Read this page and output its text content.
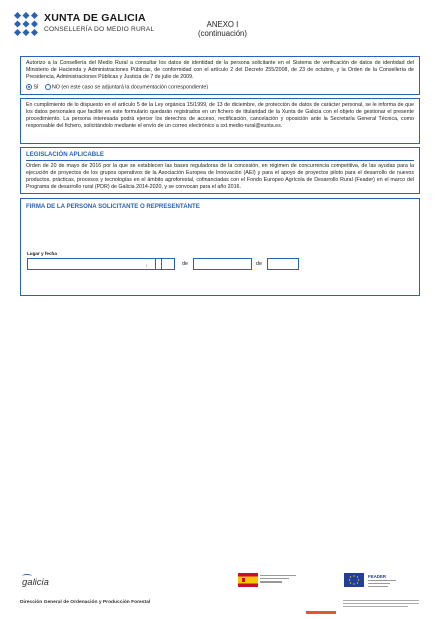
XUNTA DE GALICIA
CONSELLERÍA DO MEDIO RURAL
ANEXO I
(continuación)
Autorizo a la Consellería del Medio Rural a consultar los datos de identidad de la persona solicitante en el Sistema de verificación de datos de identidad del Ministerio de Hacienda y Administraciones Públicas, de conformidad con el artículo 2 del Decreto 255/2008, de 23 de octubre, y la Orden de la Consellería de Presidencia, Administraciones Públicas y Justicia de 7 de julio de 2009.
SÍ	NO (en este caso se adjuntará la documentación correspondiente)
En cumplimiento de lo dispuesto en el artículo 5 de la Ley orgánica 15/1999, de 13 de diciembre, de protección de datos de carácter personal, se le informa de que los datos personales que facilite en este formulario quedarán registrados en un fichero de titularidad de la Xunta de Galicia con el objeto de gestionar el presente procedimiento. La persona interesada podrá ejercer los derechos de acceso, rectificación, cancelación y oposición ante la Secretaría General Técnica, como responsable del fichero, solicitándolo mediante el envío de un correo electrónico a sxt.medio-rural@xunta.es.
LEGISLACIÓN APLICABLE
Orden de 20 de mayo de 2016 por la que se establecen las bases reguladoras de la concesión, en régimen de concurrencia competitiva, de las ayudas para la ejecución de proyectos de los grupos operativos de la Asociación Europea de Innovación (AEI) y para el apoyo de proyectos piloto para el desarrollo de nuevos productos, prácticas, procesos y tecnologías en el ámbito agroforestal, cofinanciadas con el Fondo Europeo Agrícola de Desarrollo Rural (Feader) en el marco del Programa de desarrollo rural (PDR) de Galicia 2014-2020, y se convocan para el año 2016.
FIRMA DE LA PERSONA SOLICITANTE O REPRESENTANTE
Lugar y fecha
,	de	de
galicia
Dirección General de Ordenación y Producción Forestal
FEADER
